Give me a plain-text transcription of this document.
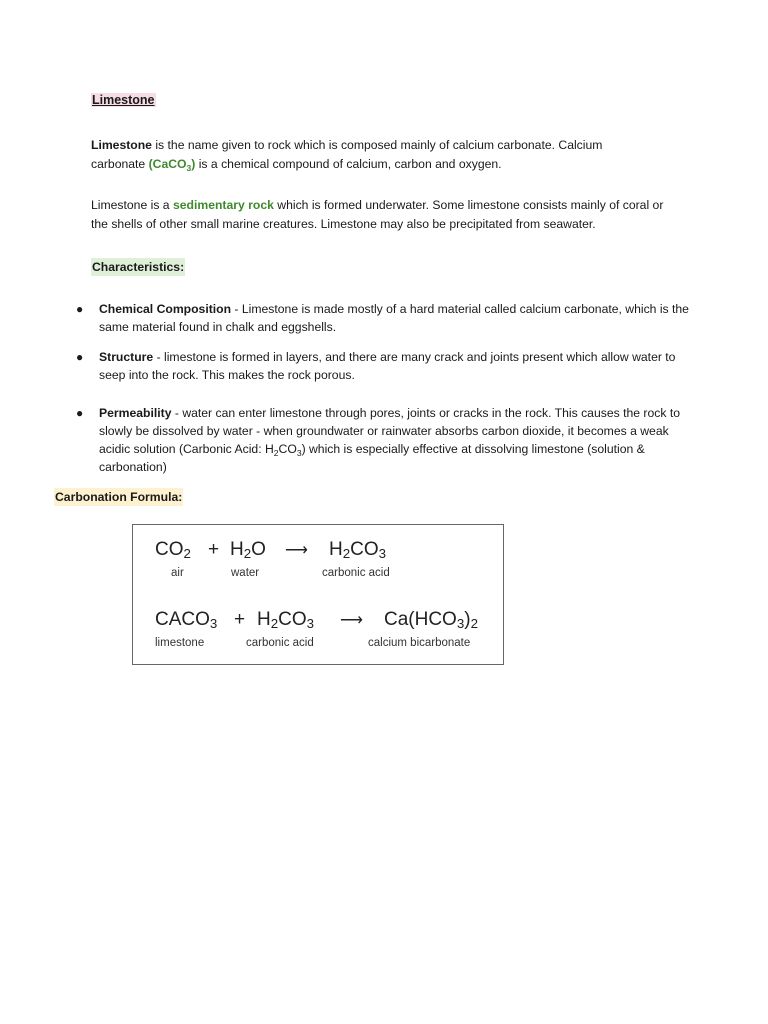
Limestone
Limestone is the name given to rock which is composed mainly of calcium carbonate. Calcium carbonate (CaCO$_3$) is a chemical compound of calcium, carbon and oxygen.
Limestone is a sedimentary rock which is formed underwater. Some limestone consists mainly of coral or the shells of other small marine creatures. Limestone may also be precipitated from seawater.
Characteristics:
● Chemical Composition - Limestone is made mostly of a hard material called calcium carbonate, which is the same material found in chalk and eggshells.
● Structure - limestone is formed in layers, and there are many crack and joints present which allow water to seep into the rock. This makes the rock porous.
● Permeability - water can enter limestone through pores, joints or cracks in the rock. This causes the rock to slowly be dissolved by water - when groundwater or rainwater absorbs carbon dioxide, it becomes a weak acidic solution (Carbonic Acid: $H_2CO_3$) which is especially effective at dissolving limestone (solution & carbonation)
Carbonation Formula:
$CO_2 + H_2O$ ⟶ $H_2CO_3$
air	water	carbonic acid
$CACO_3 + H_2CO_3$ ⟶ $Ca(HCO_3)_2$
limestone	carbonic acid	calcium bicarbonate
